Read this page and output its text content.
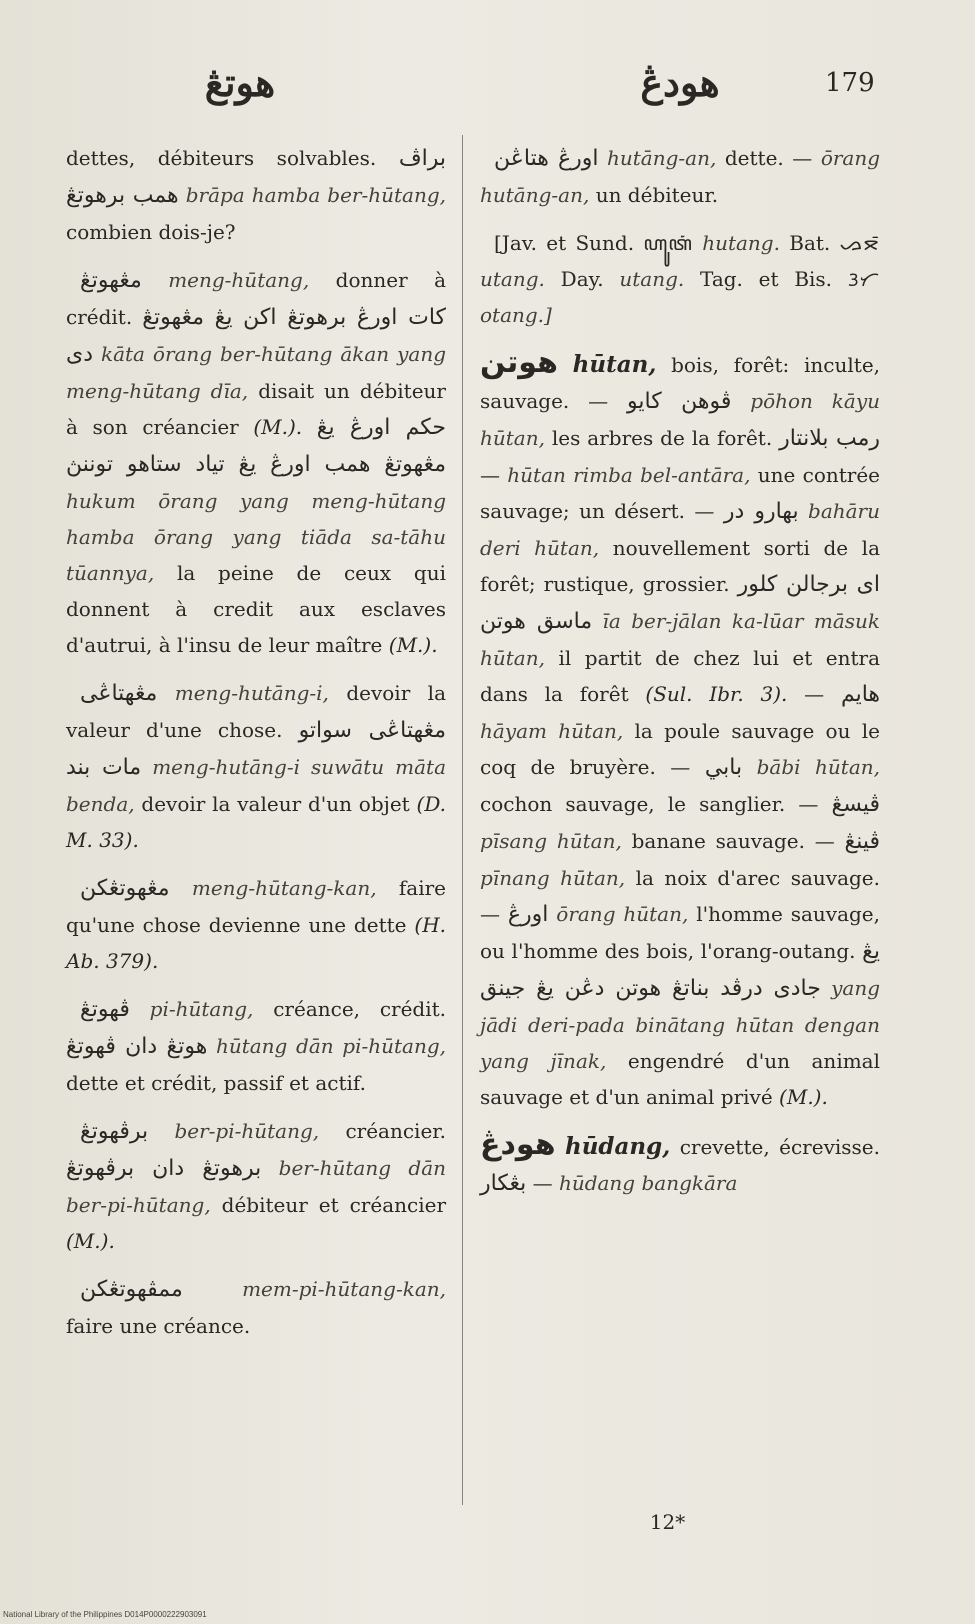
هوتڠ	هودڠ	179

dettes, débiteurs solvables. براڤ همب برهوتڠ brāpa hamba ber-hūtang, combien dois-je?

مڠهوتڠ meng-hūtang, donner à crédit. كات اورڠ برهوتڠ اكن يڠ مڠهوتڠ دى kāta ōrang ber-hūtang ākan yang meng-hūtang dīa, disait un débiteur à son créancier (M.). حكم اورڠ يڠ مڠهوتڠ همب اورڠ يڠ تياد ستاهو توننڽ hukum ōrang yang meng-hūtang hamba ōrang yang tiāda sa-tāhu tūannya, la peine de ceux qui donnent à credit aux esclaves d'autrui, à l'insu de leur maître (M.).

مڠهتاڠى meng-hutāng-i, devoir la valeur d'une chose. مڠهتاڠى سواتو مات بند meng-hutāng-i suwātu māta benda, devoir la valeur d'un objet (D. M. 33).

مڠهوتڠكن meng-hūtang-kan, faire qu'une chose devienne une dette (H. Ab. 379).

ڤهوتڠ pi-hūtang, créance, crédit. هوتڠ دان ڤهوتڠ hūtang dān pi-hūtang, dette et crédit, passif et actif.

برڤهوتڠ ber-pi-hūtang, créancier. برهوتڠ دان برڤهوتڠ ber-hūtang dān ber-pi-hūtang, débiteur et créancier (M.).

ممڤهوتڠكن	mem-pi-hūtang-kan, faire une créance.

اورڠ هتاڠن hutāng-an, dette. — ōrang hutāng-an, un débiteur.

[Jav. et Sund. ꦲꦸꦠꦁ hutang. Bat. ᯀᯖᯰ utang. Day. utang. Tag. et Bis. ᜂᜆ otang.]

هوتن hūtan, bois, forêt: inculte, sauvage. — ڤوهن كايو pōhon kāyu hūtan, les arbres de la forêt. رمب بلانتار — hūtan rimba bel-antāra, une contrée sauvage; un désert. — بهارو در bahāru deri hūtan, nouvellement sorti de la forêt; rustique, grossier. اى برجالن كلور ماسق هوتن īa ber-jālan ka-lūar māsuk hūtan, il partit de chez lui et entra dans la forêt (Sul. Ibr. 3). — هايم hāyam hūtan, la poule sauvage ou le coq de bruyère. — بابي bābi hūtan, cochon sauvage, le sanglier. — ڤيسڠ pīsang hūtan, banane sauvage. — ڤينڠ pīnang hūtan, la noix d'arec sauvage. — اورڠ ōrang hūtan, l'homme sauvage, ou l'homme des bois, l'orang-outang. يڠ جادى درڤد بناتڠ هوتن دڠن يڠ جينق yang jādi deri-pada binātang hūtan dengan yang jīnak, engendré d'un animal sauvage et d'un animal privé (M.).

هودڠ hūdang, crevette, écrevisse. بڠكار — hūdang bangkāra

12*
National Library of the Philippines D014P0000222903091
